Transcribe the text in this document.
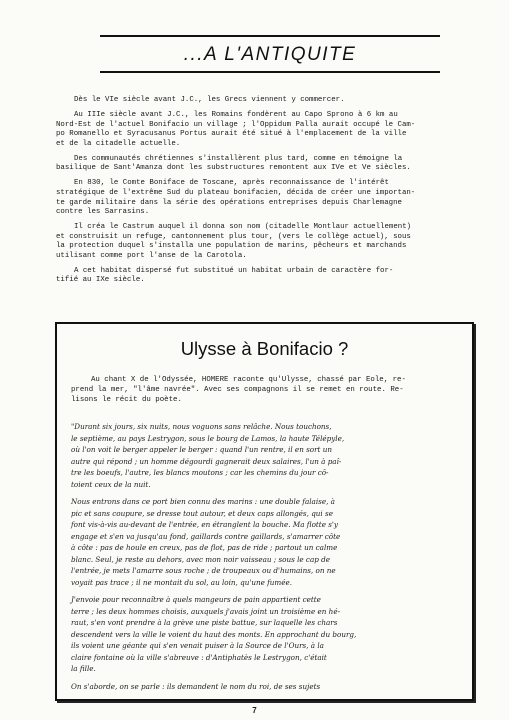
...A L'ANTIQUITE

Dès le VIe siècle avant J.C., les Grecs viennent y commercer.

Au IIIe siècle avant J.C., les Romains fondèrent au Capo Sprono à 6 km au
Nord-Est de l'actuel Bonifacio un village ; l'Oppidum Palla aurait occupé le Cam-
po Romanello et Syracusanus Portus aurait été situé à l'emplacement de la ville
et de la citadelle actuelle.

Des communautés chrétiennes s'installèrent plus tard, comme en témoigne la
basilique de Sant'Amanza dont les substructures remontent aux IVe et Ve siècles.

En 830, le Comte Boniface de Toscane, après reconnaissance de l'intérêt
stratégique de l'extrême Sud du plateau bonifacien, décida de créer une importan-
te garde militaire dans la série des opérations entreprises depuis Charlemagne
contre les Sarrasins.

Il créa le Castrum auquel il donna son nom (citadelle Montlaur actuellement)
et construisit un refuge, cantonnement plus tour, (vers le collège actuel), sous
la protection duquel s'installa une population de marins, pêcheurs et marchands
utilisant comme port l'anse de la Carotola.

A cet habitat dispersé fut substitué un habitat urbain de caractère for-
tifié au IXe siècle.

Ulysse à Bonifacio ?
Au chant X de l'Odyssée, HOMERE raconte qu'Ulysse, chassé par Eole, re-
prend la mer, "l'âme navrée". Avec ses compagnons il se remet en route. Re-
lisons le récit du poète.

"Durant six jours, six nuits, nous voguons sans relâche. Nous touchons,
le septième, au pays Lestrygon, sous le bourg de Lamos, la haute Télépyle,
où l'on voit le berger appeler le berger : quand l'un rentre, il en sort un
autre qui répond ; un homme dégourdi gagnerait deux salaires, l'un à paî-
tre les boeufs, l'autre, les blancs moutons ; car les chemins du jour cô-
toient ceux de la nuit.

Nous entrons dans ce port bien connu des marins : une double falaise, à
pic et sans coupure, se dresse tout autour, et deux caps allongés, qui se
font vis-à-vis au-devant de l'entrée, en étranglent la bouche. Ma flotte s'y
engage et s'en va jusqu'au fond, gaillards contre gaillards, s'amarrer côte
à côte : pas de houle en creux, pas de flot, pas de ride ; partout un calme
blanc. Seul, je reste au dehors, avec mon noir vaisseau ; sous le cap de
l'entrée, je mets l'amarre sous roche ; de troupeaux ou d'humains, on ne
voyait pas trace ; il ne montait du sol, au loin, qu'une fumée.

J'envoie pour reconnaître à quels mangeurs de pain appartient cette
terre ; les deux hommes choisis, auxquels j'avais joint un troisième en hé-
raut, s'en vont prendre à la grève une piste battue, sur laquelle les chars
descendent vers la ville le voient du haut des monts. En approchant du bourg,
ils voient une géante qui s'en venait puiser à la Source de l'Ours, à la
claire fontaine où la ville s'abreuve : d'Antiphatès le Lestrygon, c'était
la fille.

On s'aborde, on se parle : ils demandent le nom du roi, de ses sujets

7
